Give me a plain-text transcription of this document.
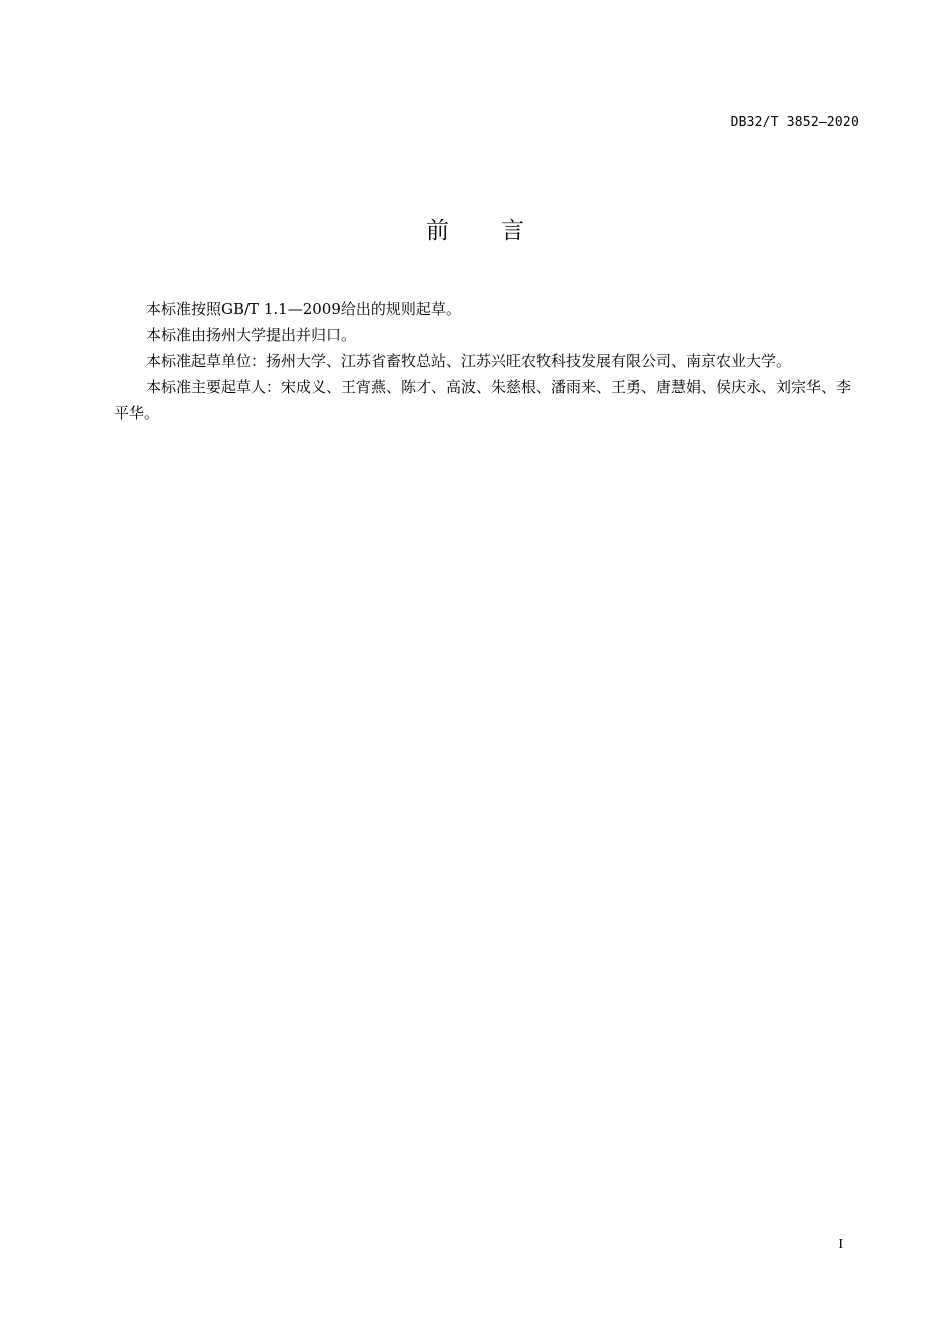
DB32/T 3852—2020
前言

本标准按照GB/T 1.1—2009给出的规则起草。

本标准由扬州大学提出并归口。

本标准起草单位：扬州大学、江苏省畜牧总站、江苏兴旺农牧科技发展有限公司、南京农业大学。

本标准主要起草人：宋成义、王宵燕、陈才、高波、朱慈根、潘雨来、王勇、唐慧娟、侯庆永、刘宗华、李平华。

I
